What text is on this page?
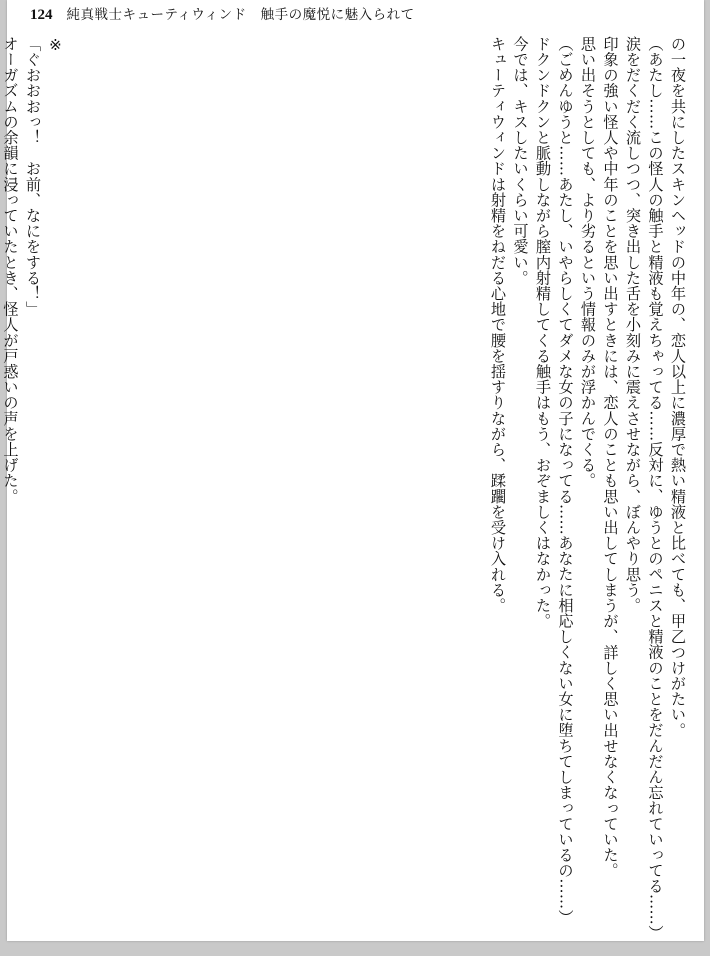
124 純真戦士キューティウィンド　触手の魔悦に魅入られて

の一夜を共にしたスキンヘッドの中年の、恋人以上に濃厚で熱い精液と比べても、甲乙つけがたい。

（あたし……この怪人の触手と精液も覚えちゃってる……反対に、ゆうとのペニスと精液のことをだんだん忘れていってる……）

涙をだくだく流しつつ、突き出した舌を小刻みに震えさせながら、ぼんやり思う。

印象の強い怪人や中年のことを思い出すときには、恋人のことも思い出してしまうが、詳しく思い出せなくなっていた。

思い出そうとしても、より劣るという情報のみが浮かんでくる。

（ごめんゆうと……あたし、いやらしくてダメな女の子になってる……あなたに相応しくない女に堕ちてしまっているの……）

ドクンドクンと脈動しながら膣内射精してくる触手はもう、おぞましくはなかった。

今では、キスしたいくらい可愛い。

キューティウィンドは射精をねだる心地で腰を揺すりながら、蹂躙を受け入れる。

※

「ぐおおおっ！　お前、なにをする！」

オーガズムの余韻に浸っていたとき、怪人が戸惑いの声を上げた。
